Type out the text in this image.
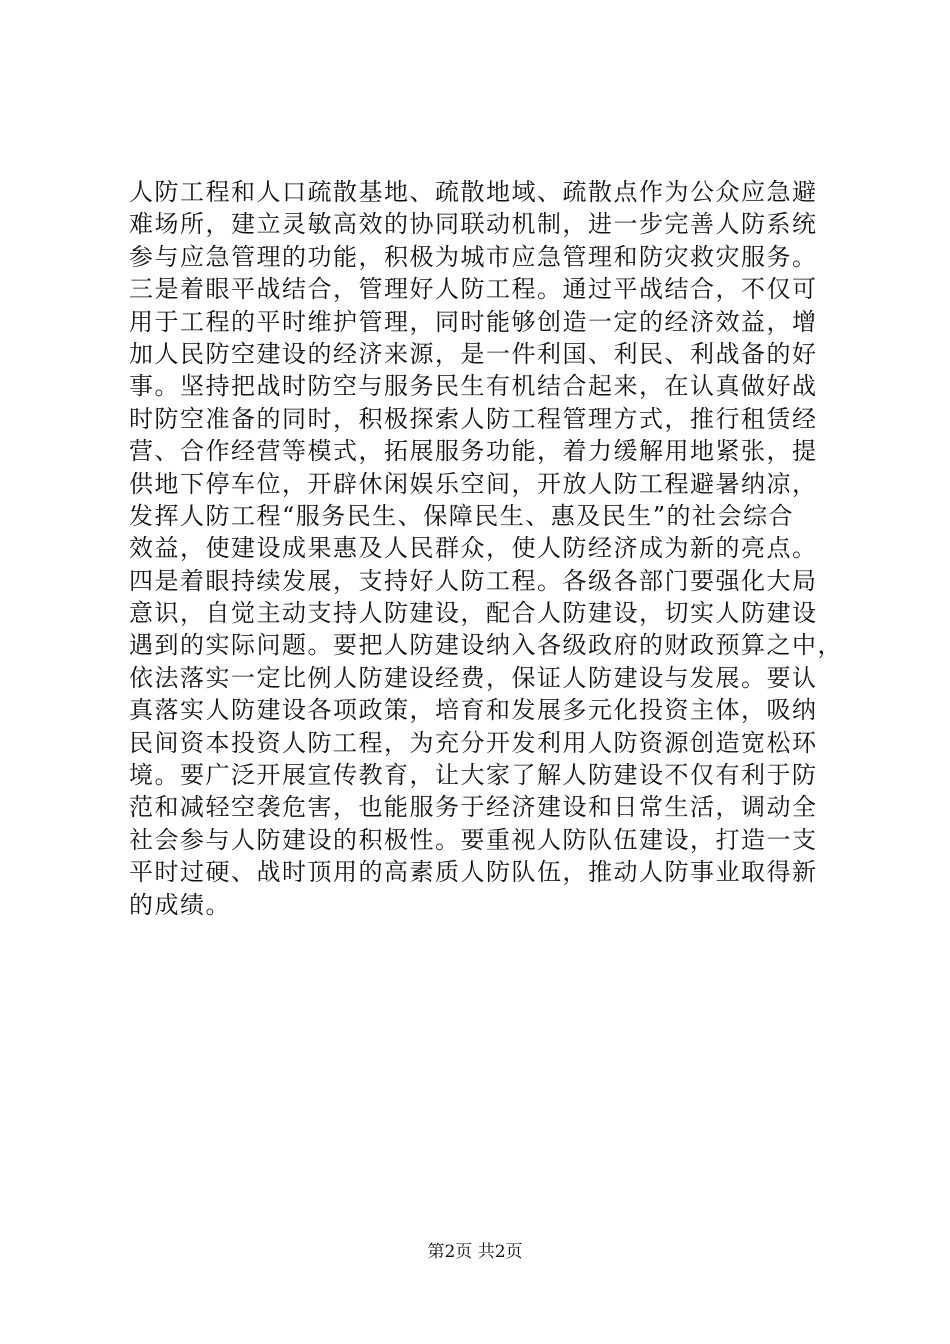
人防工程和人口疏散基地、疏散地域、疏散点作为公众应急避
难场所，建立灵敏高效的协同联动机制，进一步完善人防系统
参与应急管理的功能，积极为城市应急管理和防灾救灾服务。
三是着眼平战结合，管理好人防工程。通过平战结合，不仅可
用于工程的平时维护管理，同时能够创造一定的经济效益，增
加人民防空建设的经济来源，是一件利国、利民、利战备的好
事。坚持把战时防空与服务民生有机结合起来，在认真做好战
时防空准备的同时，积极探索人防工程管理方式，推行租赁经
营、合作经营等模式，拓展服务功能，着力缓解用地紧张，提
供地下停车位，开辟休闲娱乐空间，开放人防工程避暑纳凉，
发挥人防工程“服务民生、保障民生、惠及民生”的社会综合
效益，使建设成果惠及人民群众，使人防经济成为新的亮点。
四是着眼持续发展，支持好人防工程。各级各部门要强化大局
意识，自觉主动支持人防建设，配合人防建设，切实人防建设
遇到的实际问题。要把人防建设纳入各级政府的财政预算之中，
依法落实一定比例人防建设经费，保证人防建设与发展。要认
真落实人防建设各项政策，培育和发展多元化投资主体，吸纳
民间资本投资人防工程，为充分开发利用人防资源创造宽松环
境。要广泛开展宣传教育，让大家了解人防建设不仅有利于防
范和减轻空袭危害，也能服务于经济建设和日常生活，调动全
社会参与人防建设的积极性。要重视人防队伍建设，打造一支
平时过硬、战时顶用的高素质人防队伍，推动人防事业取得新
的成绩。
第2页 共2页
